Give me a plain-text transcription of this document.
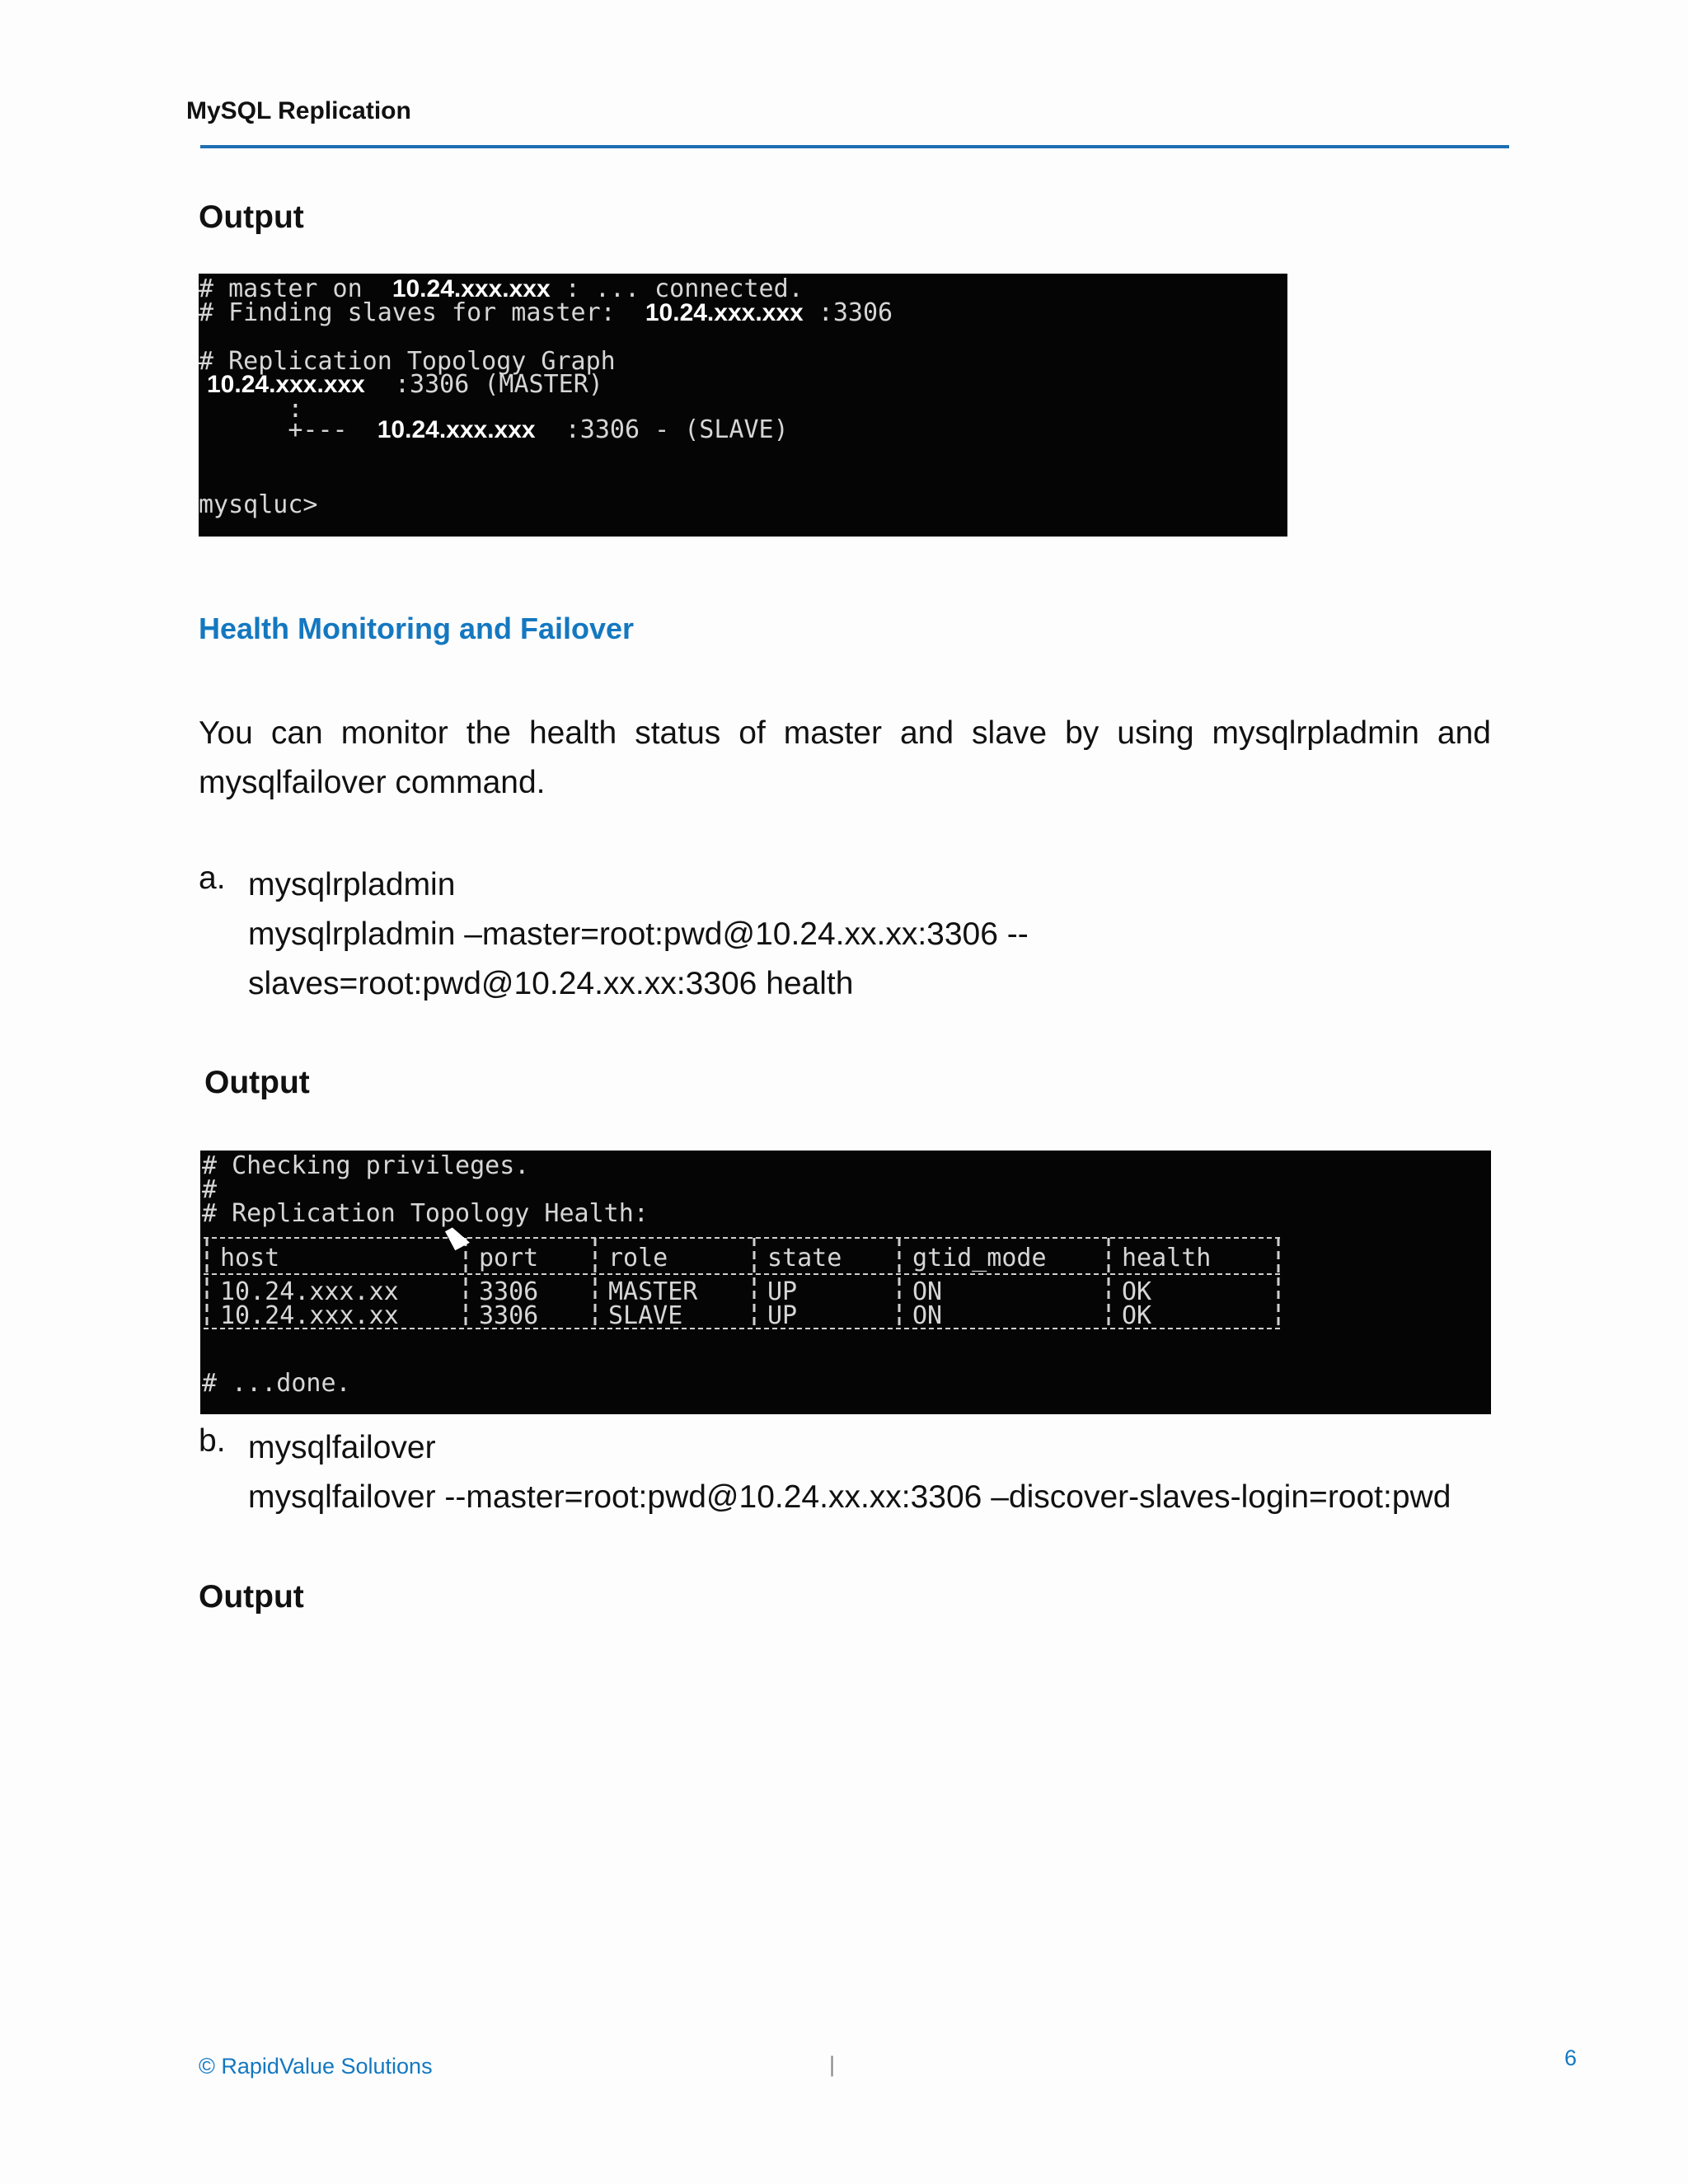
MySQL Replication
Output

# master on  10.24.xxx.xxx : ... connected.

# Finding slaves for master:  10.24.xxx.xxx :3306

# Replication Topology Graph

10.24.xxx.xxx  :3306 (MASTER)

:

+---  10.24.xxx.xxx  :3306 - (SLAVE)

mysqluc>

Health Monitoring and Failover
You can monitor the health status of master and slave by using mysqlrpladmin and mysqlfailover command.
a. mysqlrpladmin
mysqlrpladmin –master=root:pwd@10.24.xx.xx:3306 --
slaves=root:pwd@10.24.xx.xx:3306 health
Output

# Checking privileges.

#

# Replication Topology Health:

host	port	role	state	gtid_mode	health
10.24.xxx.xx	3306	MASTER	UP	ON	OK
10.24.xxx.xx	3306	SLAVE	UP	ON	OK

# ...done.

b. mysqlfailover
mysqlfailover --master=root:pwd@10.24.xx.xx:3306 –discover-slaves-login=root:pwd
Output
© RapidValue Solutions	|	6
